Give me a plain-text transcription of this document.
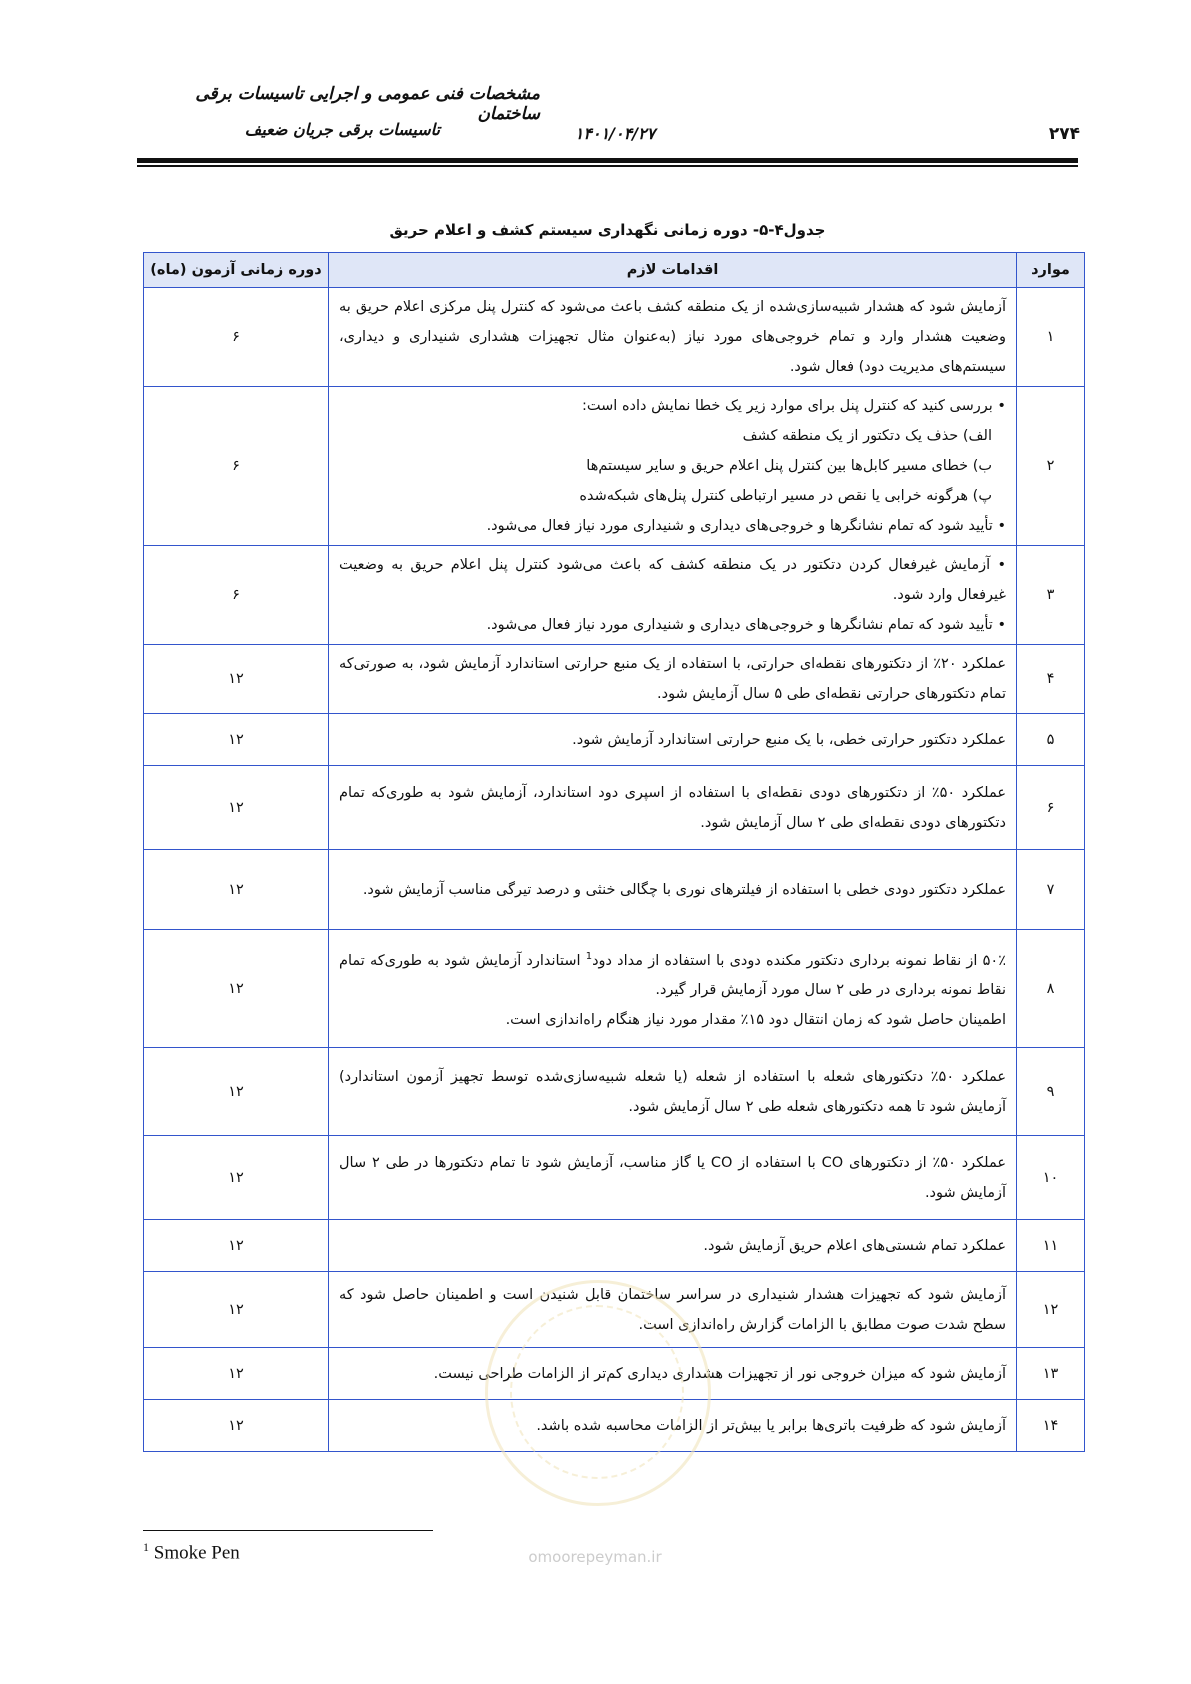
مشخصات فنی عمومی و اجرایی تاسیسات برقی ساختمان
تاسیسات برقی جریان ضعیف	۱۴۰۱/۰۴/۲۷	۲۷۴
جدول۴-۵- دوره زمانی نگهداری سیستم کشف و اعلام حریق
موارد	اقدامات لازم	دوره زمانی آزمون (ماه)
۱	آزمایش شود که هشدار شبیه‌سازی‌شده از یک منطقه کشف باعث می‌شود که کنترل پنل مرکزی اعلام حریق به وضعیت هشدار وارد و تمام خروجی‌های مورد نیاز (به‌عنوان مثال تجهیزات هشداری شنیداری و دیداری، سیستم‌های مدیریت دود) فعال شود.	۶
۲	• بررسی کنید که کنترل پنل برای موارد زیر یک خطا نمایش داده است:

الف) حذف یک دتکتور از یک منطقه کشف

ب) خطای مسیر کابل‌ها بین کنترل پنل اعلام حریق و سایر سیستم‌ها

پ) هرگونه خرابی یا نقص در مسیر ارتباطی کنترل پنل‌های شبکه‌شده

• تأیید شود که تمام نشانگرها و خروجی‌های دیداری و شنیداری مورد نیاز فعال می‌شود.	۶
۳	• آزمایش غیرفعال کردن دتکتور در یک منطقه کشف که باعث می‌شود کنترل پنل اعلام حریق به وضعیت غیرفعال وارد شود.

• تأیید شود که تمام نشانگرها و خروجی‌های دیداری و شنیداری مورد نیاز فعال می‌شود.	۶
۴	عملکرد ۲۰٪ از دتکتورهای نقطه‌ای حرارتی، با استفاده از یک منبع حرارتی استاندارد آزمایش شود، به صورتی‌که تمام دتکتورهای حرارتی نقطه‌ای طی ۵ سال آزمایش شود.	۱۲
۵	عملکرد دتکتور حرارتی خطی، با یک منبع حرارتی استاندارد آزمایش شود.	۱۲
۶	عملکرد ۵۰٪ از دتکتورهای دودی نقطه‌ای با استفاده از اسپری دود استاندارد، آزمایش شود به طوری‌که تمام دتکتورهای دودی نقطه‌ای طی ۲ سال آزمایش شود.	۱۲
۷	عملکرد دتکتور دودی خطی با استفاده از فیلترهای نوری با چگالی خنثی و درصد تیرگی مناسب آزمایش شود.	۱۲
۸	۵۰٪ از نقاط نمونه برداری دتکتور مکنده دودی با استفاده از مداد دود$^1$ استاندارد آزمایش شود به طوری‌که تمام نقاط نمونه برداری در طی ۲ سال مورد آزمایش قرار گیرد.

اطمینان حاصل شود که زمان انتقال دود ۱۵٪ مقدار مورد نیاز هنگام راه‌اندازی است.	۱۲
۹	عملکرد ۵۰٪ دتکتورهای شعله با استفاده از شعله (یا شعله شبیه‌سازی‌شده توسط تجهیز آزمون استاندارد) آزمایش شود تا همه دتکتورهای شعله طی ۲ سال آزمایش شود.	۱۲
۱۰	عملکرد ۵۰٪ از دتکتورهای CO با استفاده از CO یا گاز مناسب، آزمایش شود تا تمام دتکتورها در طی ۲ سال آزمایش شود.	۱۲
۱۱	عملکرد تمام شستی‌های اعلام حریق آزمایش شود.	۱۲
۱۲	آزمایش شود که تجهیزات هشدار شنیداری در سراسر ساختمان قابل شنیدن است و اطمینان حاصل شود که سطح شدت صوت مطابق با الزامات گزارش راه‌اندازی است.	۱۲
۱۳	آزمایش شود که میزان خروجی نور از تجهیزات هشداری دیداری کم‌تر از الزامات طراحی نیست.	۱۲
۱۴	آزمایش شود که ظرفیت باتری‌ها برابر یا بیش‌تر از الزامات محاسبه شده باشد.	۱۲
omoorepeyman.ir
$^1$ Smoke Pen
